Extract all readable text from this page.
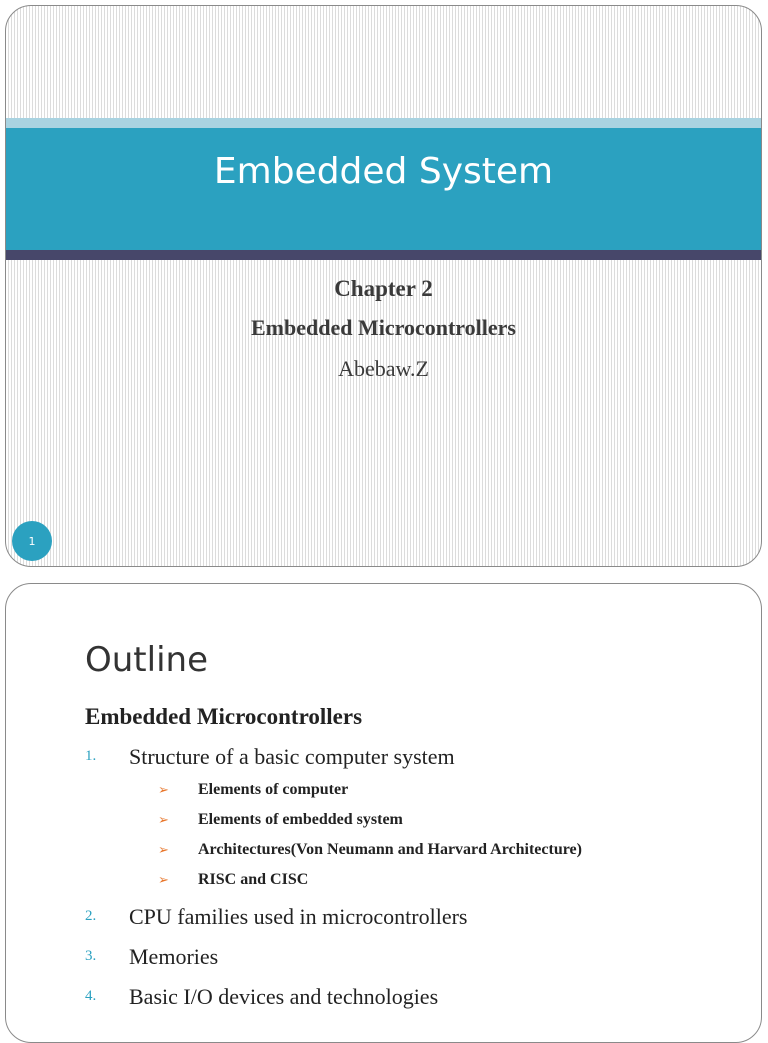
Embedded System
Chapter 2
Embedded Microcontrollers
Abebaw.Z
1
Outline
Embedded Microcontrollers
1. Structure of a basic computer system
➢ Elements of computer
➢ Elements of embedded system
➢ Architectures(Von Neumann and Harvard Architecture)
➢ RISC and CISC
2. CPU families used in microcontrollers
3. Memories
4. Basic I/O devices and technologies
